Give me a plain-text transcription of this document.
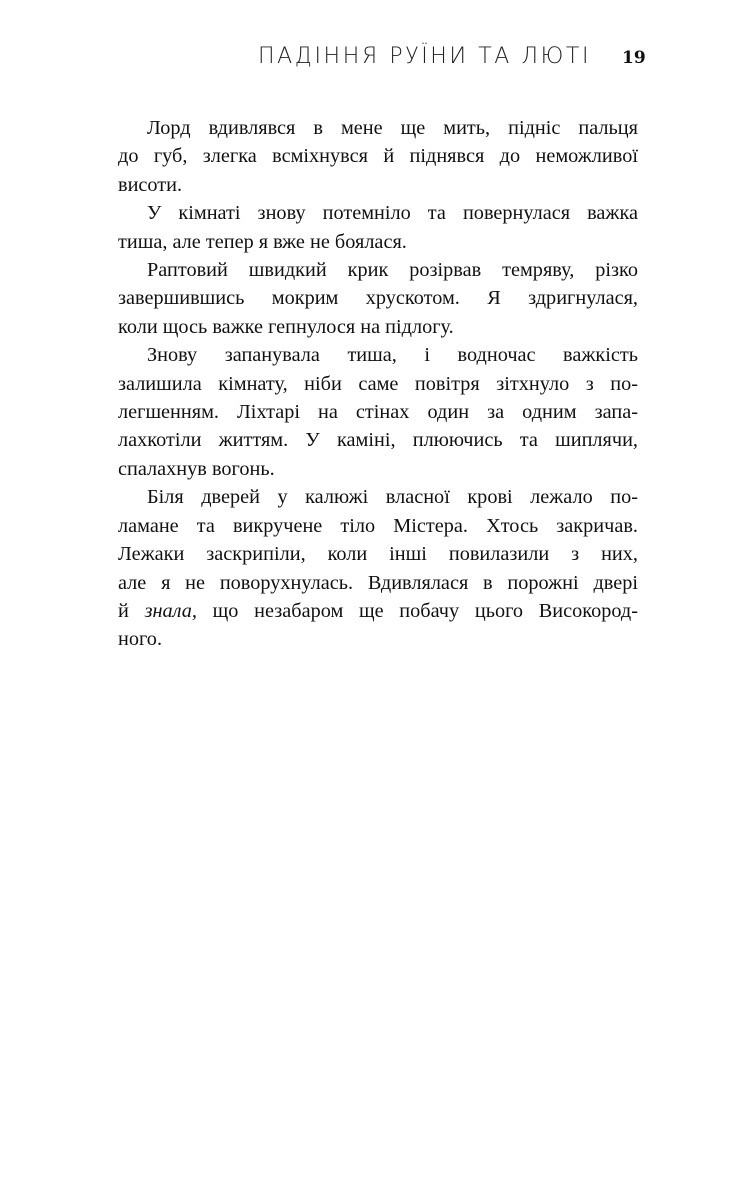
ПАДІННЯ РУЇНИ ТА ЛЮТІ 19

Лорд вдивлявся в мене ще мить, підніс пальця
до губ, злегка всміхнувся й піднявся до неможливої
висоти.

У кімнаті знову потемніло та повернулася важка
тиша, але тепер я вже не боялася.

Раптовий швидкий крик розірвав темряву, різко
завершившись мокрим хрускотом. Я здригнулася,
коли щось важке гепнулося на підлогу.

Знову запанувала тиша, і водночас важкість
залишила кімнату, ніби саме повітря зітхнуло з по-
легшенням. Ліхтарі на стінах один за одним запа-
лахкотіли життям. У каміні, плюючись та шиплячи,
спалахнув вогонь.

Біля дверей у калюжі власної крові лежало по-
ламане та викручене тіло Містера. Хтось закричав.
Лежаки заскрипіли, коли інші повилазили з них,
але я не поворухнулась. Вдивлялася в порожні двері
й знала, що незабаром ще побачу цього Високород-
ного.
